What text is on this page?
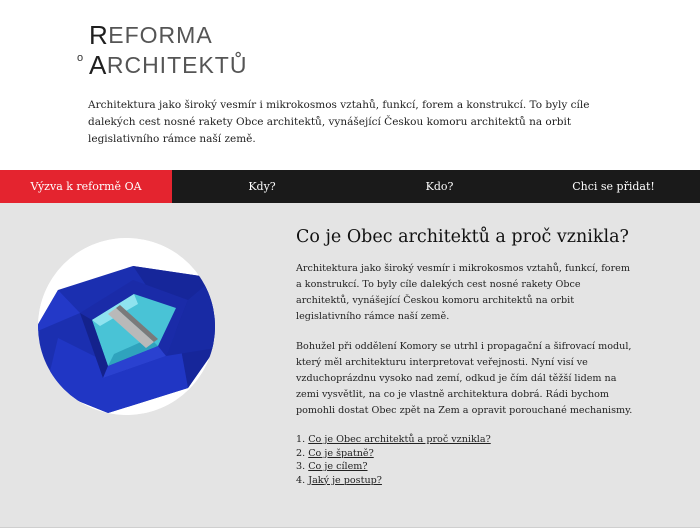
R EFORMA
o A RCHITEKTŮ
Architektura jako široký vesmír i mikrokosmos vztahů, funkcí, forem a konstrukcí. To byly cíle dalekých cest nosné rakety Obce architektů, vynášející Českou komoru architektů na orbit legislativního rámce naší země.
Výzva k reformě OA	Kdy?	Kdo?	Chci se přidat!
Co je Obec architektů a proč vznikla?

Architektura jako široký vesmír i mikrokosmos vztahů, funkcí, forem a konstrukcí. To byly cíle dalekých cest nosné rakety Obce architektů, vynášející Českou komoru architektů na orbit legislativního rámce naší země.

Bohužel při oddělení Komory se utrhl i propagační a šifrovací modul, který měl architekturu interpretovat veřejnosti. Nyní visí ve vzduchoprázdnu vysoko nad zemí, odkud je čím dál těžší lidem na zemi vysvětlit, na co je vlastně architektura dobrá. Rádi bychom pomohli dostat Obec zpět na Zem a opravit porouchané mechanismy.

1. Co je Obec architektů a proč vznikla?
2. Co je špatně?
3. Co je cílem?
4. Jaký je postup?
